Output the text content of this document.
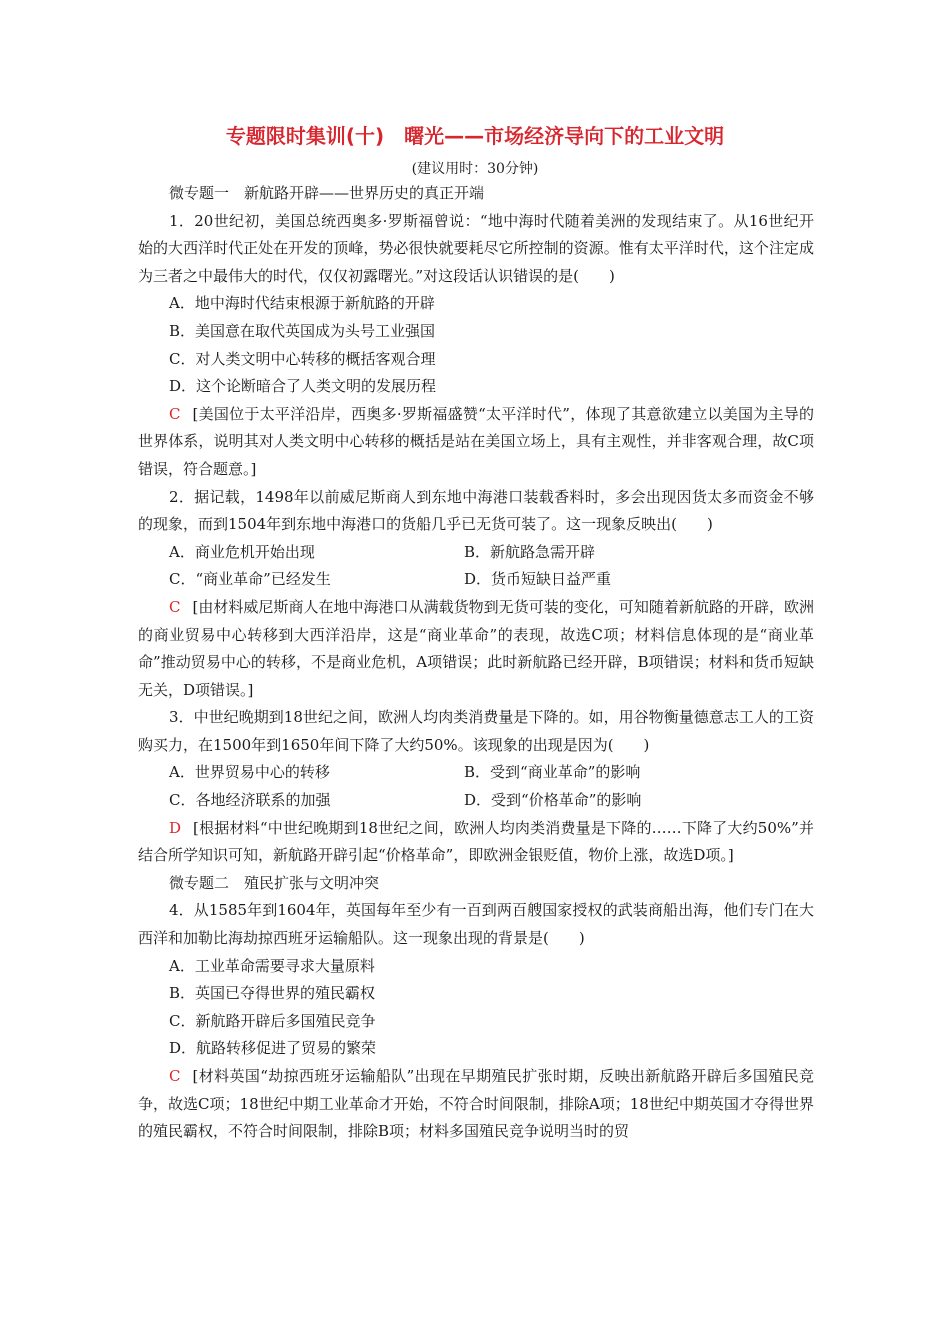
专题限时集训(十)　曙光——市场经济导向下的工业文明
(建议用时：30分钟)
微专题一　新航路开辟——世界历史的真正开端

1．20世纪初，美国总统西奥多·罗斯福曾说：“地中海时代随着美洲的发现结束了。从16世纪开始的大西洋时代正处在开发的顶峰，势必很快就要耗尽它所控制的资源。惟有太平洋时代，这个注定成为三者之中最伟大的时代，仅仅初露曙光。”对这段话认识错误的是(　　)

A．地中海时代结束根源于新航路的开辟
B．美国意在取代英国成为头号工业强国
C．对人类文明中心转移的概括客观合理
D．这个论断暗合了人类文明的发展历程

C [美国位于太平洋沿岸，西奥多·罗斯福盛赞“太平洋时代”，体现了其意欲建立以美国为主导的世界体系，说明其对人类文明中心转移的概括是站在美国立场上，具有主观性，并非客观合理，故C项错误，符合题意。]

2．据记载，1498年以前威尼斯商人到东地中海港口装载香料时，多会出现因货太多而资金不够的现象，而到1504年到东地中海港口的货船几乎已无货可装了。这一现象反映出(　　)

A．商业危机开始出现	B．新航路急需开辟
C．“商业革命”已经发生	D．货币短缺日益严重

C [由材料威尼斯商人在地中海港口从满载货物到无货可装的变化，可知随着新航路的开辟，欧洲的商业贸易中心转移到大西洋沿岸，这是“商业革命”的表现，故选C项；材料信息体现的是“商业革命”推动贸易中心的转移，不是商业危机，A项错误；此时新航路已经开辟，B项错误；材料和货币短缺无关，D项错误。]

3．中世纪晚期到18世纪之间，欧洲人均肉类消费量是下降的。如，用谷物衡量德意志工人的工资购买力，在1500年到1650年间下降了大约50%。该现象的出现是因为(　　)

A．世界贸易中心的转移	B．受到“商业革命”的影响
C．各地经济联系的加强	D．受到“价格革命”的影响

D [根据材料“中世纪晚期到18世纪之间，欧洲人均肉类消费量是下降的……下降了大约50%”并结合所学知识可知，新航路开辟引起“价格革命”，即欧洲金银贬值，物价上涨，故选D项。]

微专题二　殖民扩张与文明冲突

4．从1585年到1604年，英国每年至少有一百到两百艘国家授权的武装商船出海，他们专门在大西洋和加勒比海劫掠西班牙运输船队。这一现象出现的背景是(　　)

A．工业革命需要寻求大量原料
B．英国已夺得世界的殖民霸权
C．新航路开辟后多国殖民竞争
D．航路转移促进了贸易的繁荣

C [材料英国“劫掠西班牙运输船队”出现在早期殖民扩张时期，反映出新航路开辟后多国殖民竞争，故选C项；18世纪中期工业革命才开始，不符合时间限制，排除A项；18世纪中期英国才夺得世界的殖民霸权，不符合时间限制，排除B项；材料多国殖民竞争说明当时的贸
